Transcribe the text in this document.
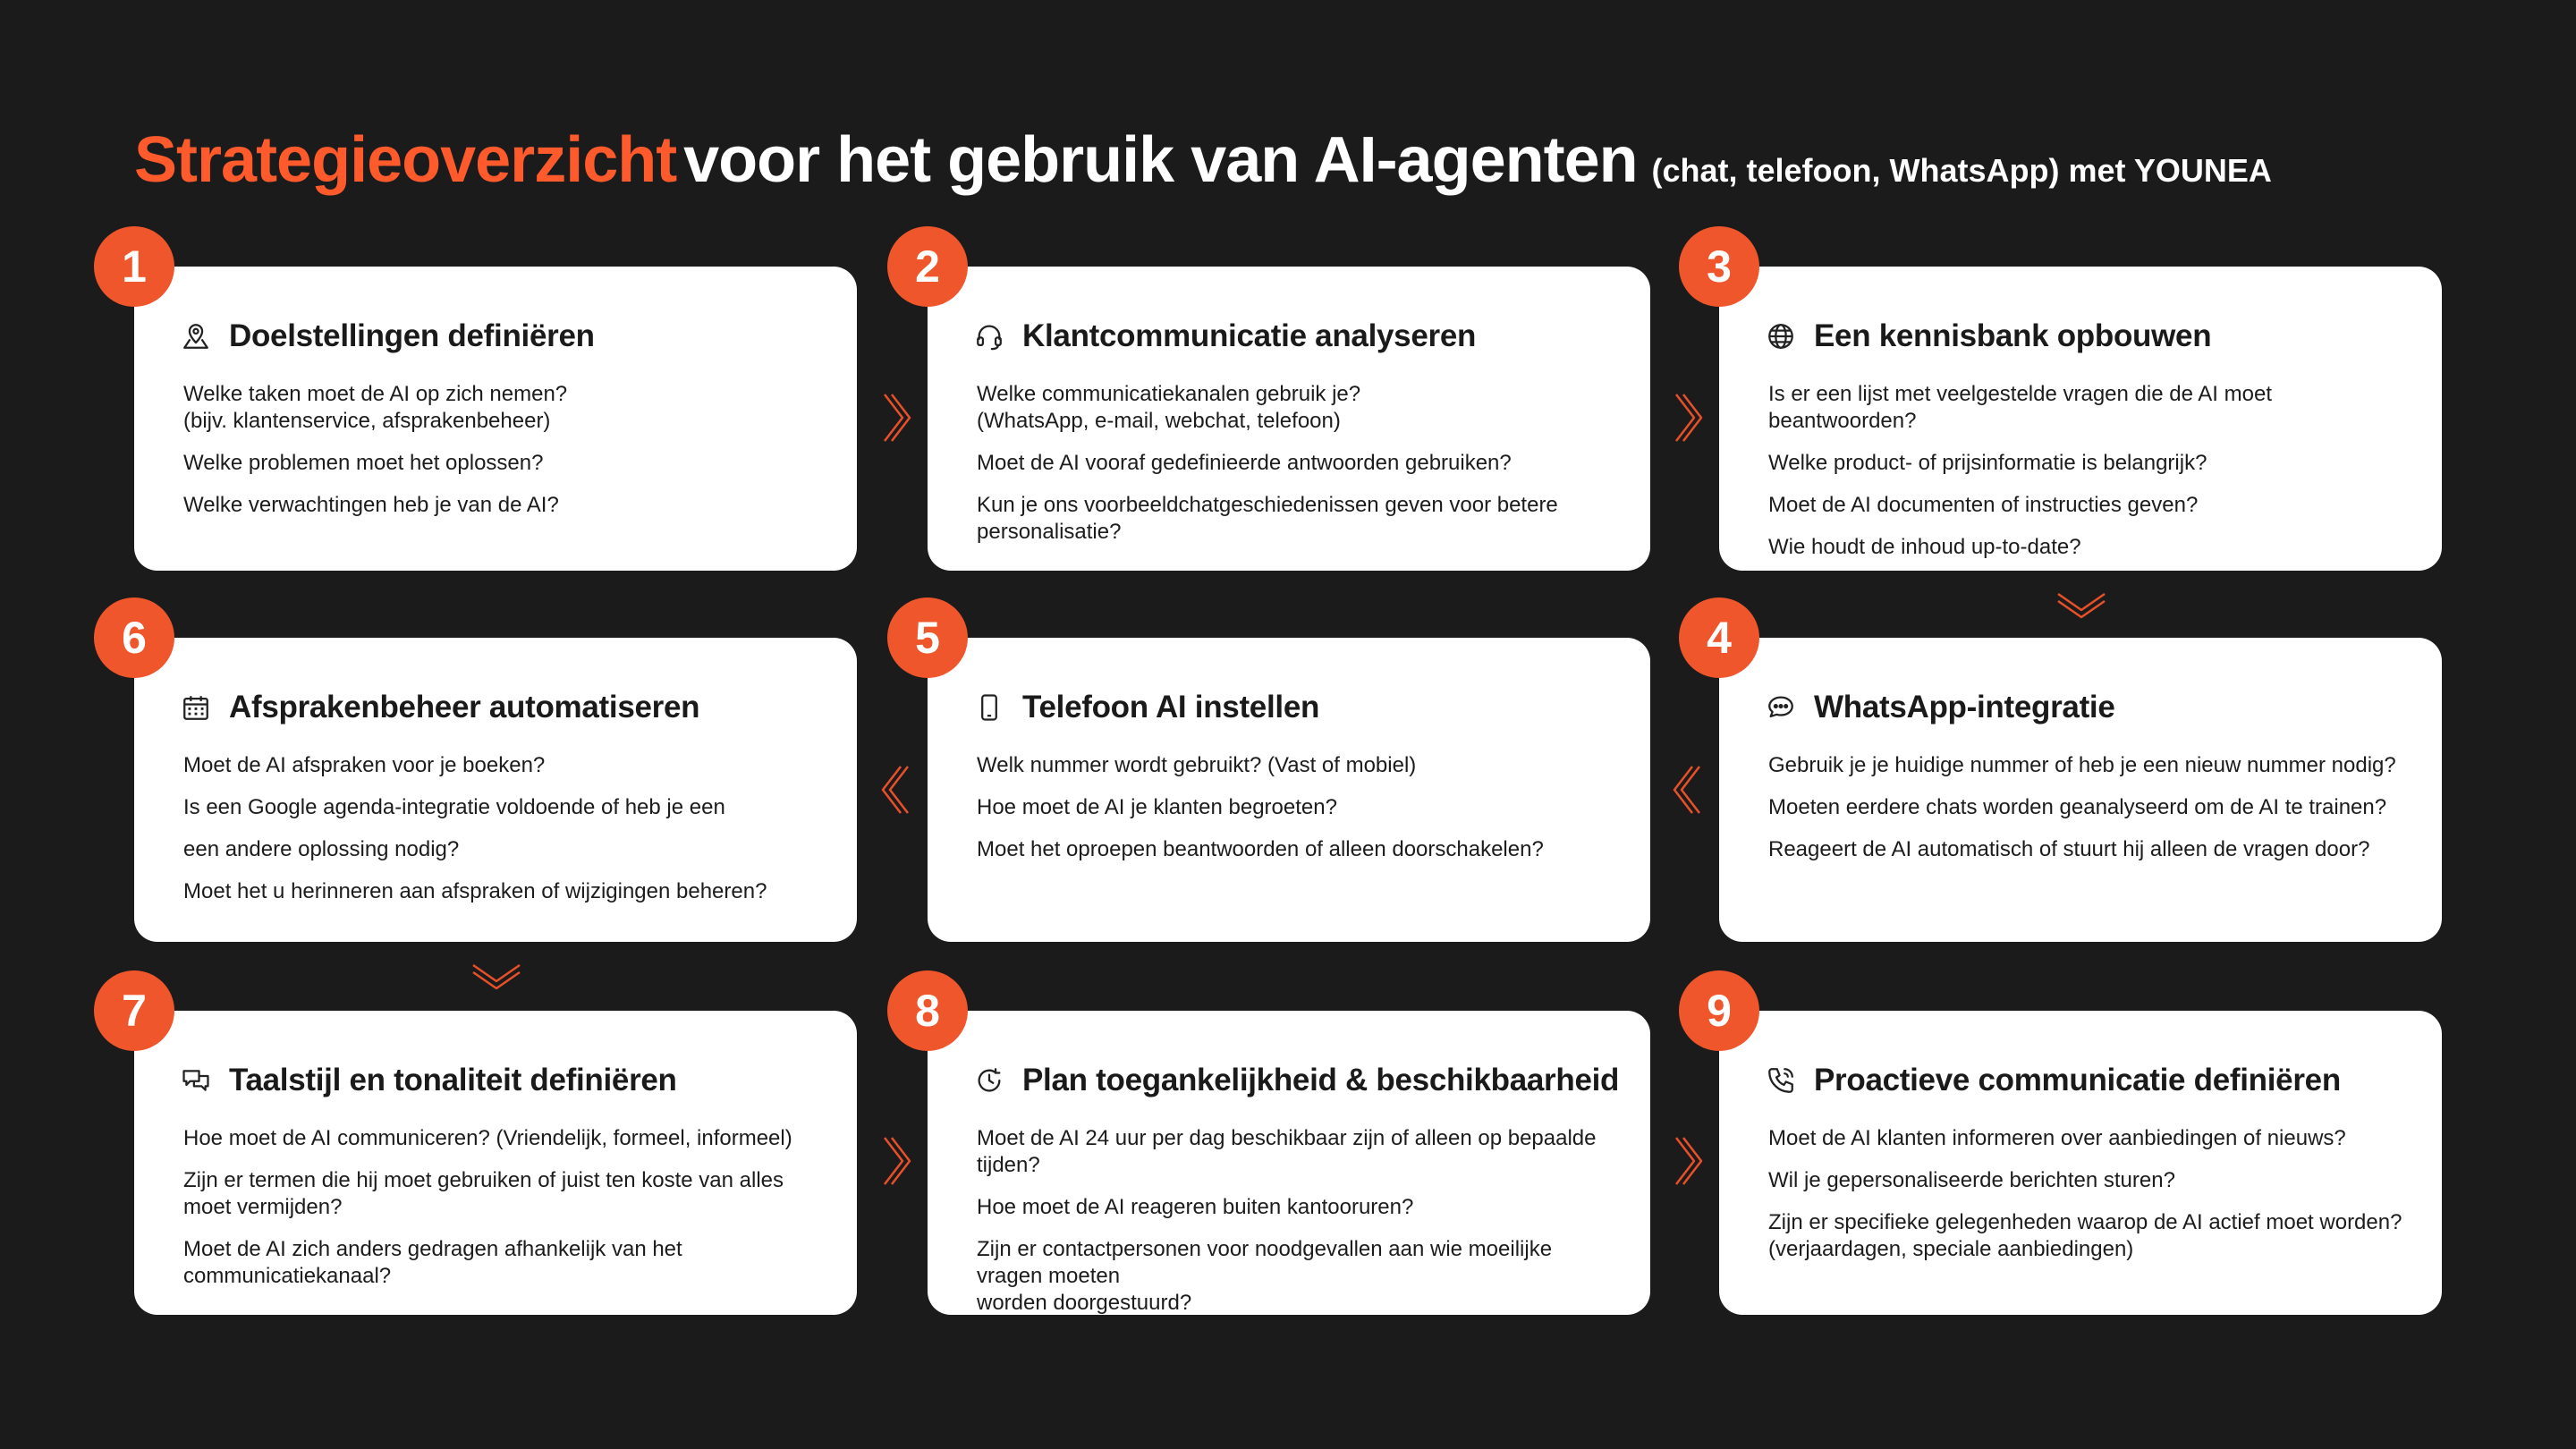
Strategieoverzicht voor het gebruik van AI-agenten (chat, telefoon, WhatsApp) met YOUNEA
Doelstellingen definiëren
Welke taken moet de AI op zich nemen?
(bijv. klantenservice, afsprakenbeheer)
Welke problemen moet het oplossen?
Welke verwachtingen heb je van de AI?
1
Klantcommunicatie analyseren
Welke communicatiekanalen gebruik je?
(WhatsApp, e-mail, webchat, telefoon)
Moet de AI vooraf gedefinieerde antwoorden gebruiken?
Kun je ons voorbeeldchatgeschiedenissen geven voor betere personalisatie?
2
Een kennisbank opbouwen
Is er een lijst met veelgestelde vragen die de AI moet beantwoorden?
Welke product- of prijsinformatie is belangrijk?
Moet de AI documenten of instructies geven?
Wie houdt de inhoud up-to-date?
3
WhatsApp-integratie
Gebruik je je huidige nummer of heb je een nieuw nummer nodig?
Moeten eerdere chats worden geanalyseerd om de AI te trainen?
Reageert de AI automatisch of stuurt hij alleen de vragen door?
4
Telefoon AI instellen
Welk nummer wordt gebruikt? (Vast of mobiel)
Hoe moet de AI je klanten begroeten?
Moet het oproepen beantwoorden of alleen doorschakelen?
5
Afsprakenbeheer automatiseren
Moet de AI afspraken voor je boeken?
Is een Google agenda-integratie voldoende of heb je een
een andere oplossing nodig?
Moet het u herinneren aan afspraken of wijzigingen beheren?
6
Taalstijl en tonaliteit definiëren
Hoe moet de AI communiceren? (Vriendelijk, formeel, informeel)
Zijn er termen die hij moet gebruiken of juist ten koste van alles
moet vermijden?
Moet de AI zich anders gedragen afhankelijk van het communicatiekanaal?
7
Plan toegankelijkheid & beschikbaarheid
Moet de AI 24 uur per dag beschikbaar zijn of alleen op bepaalde tijden?
Hoe moet de AI reageren buiten kantooruren?
Zijn er contactpersonen voor noodgevallen aan wie moeilijke vragen moeten
worden doorgestuurd?
8
Proactieve communicatie definiëren
Moet de AI klanten informeren over aanbiedingen of nieuws?
Wil je gepersonaliseerde berichten sturen?
Zijn er specifieke gelegenheden waarop de AI actief moet worden?
(verjaardagen, speciale aanbiedingen)
9
